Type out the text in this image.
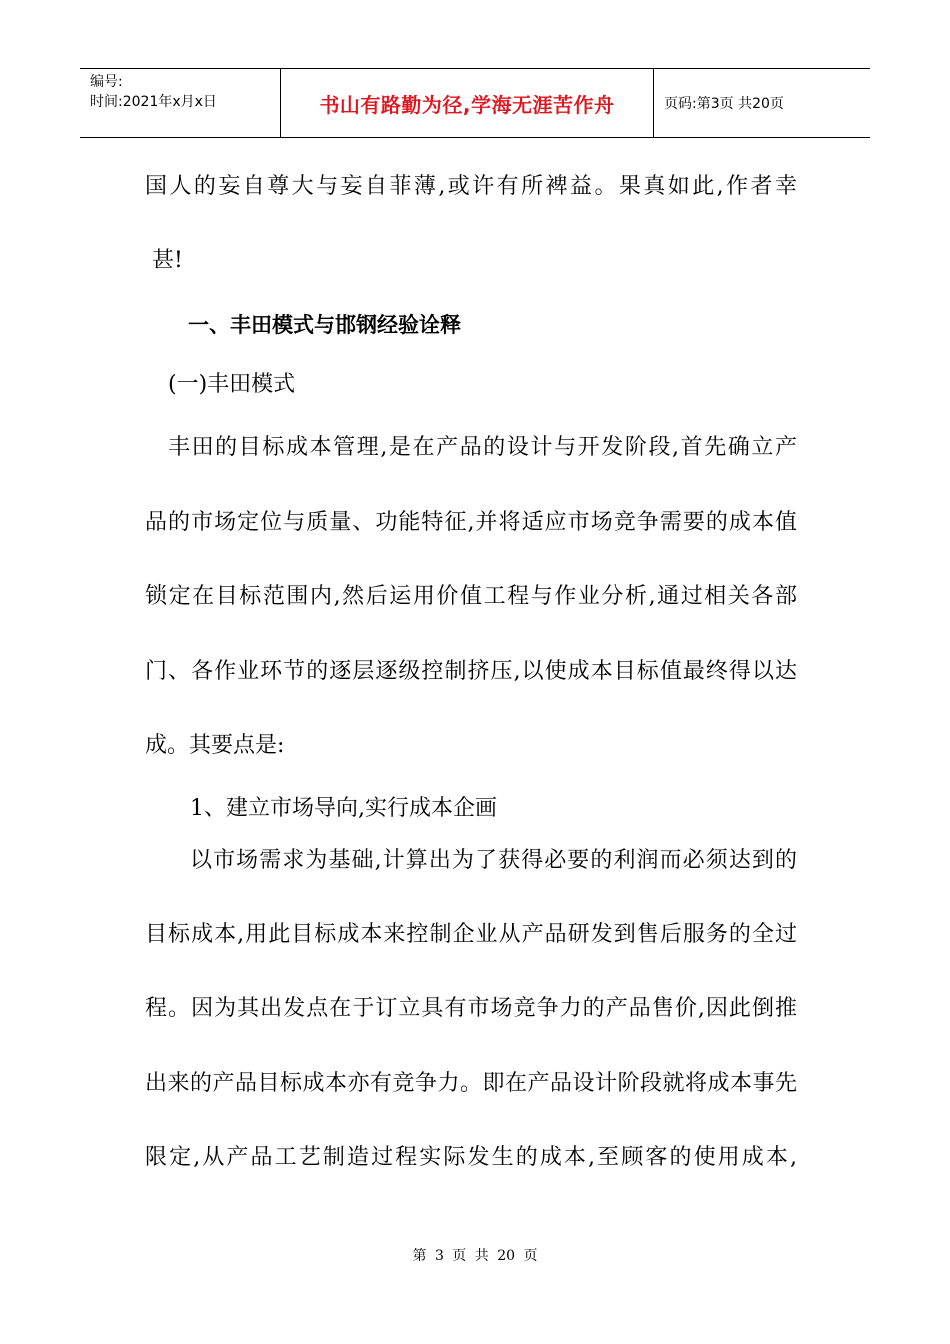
编号:
时间:2021年x月x日	书山有路勤为径,学海无涯苦作舟	页码:第3页 共20页
国人的妄自尊大与妄自菲薄,或许有所裨益。果真如此,作者幸
甚!
一、丰田模式与邯钢经验诠释
(一)丰田模式
丰田的目标成本管理,是在产品的设计与开发阶段,首先确立产
品的市场定位与质量、功能特征,并将适应市场竞争需要的成本值
锁定在目标范围内,然后运用价值工程与作业分析,通过相关各部
门、各作业环节的逐层逐级控制挤压,以使成本目标值最终得以达
成。其要点是:
1、建立市场导向,实行成本企画
以市场需求为基础,计算出为了获得必要的利润而必须达到的
目标成本,用此目标成本来控制企业从产品研发到售后服务的全过
程。因为其出发点在于订立具有市场竞争力的产品售价,因此倒推
出来的产品目标成本亦有竞争力。即在产品设计阶段就将成本事先
限定,从产品工艺制造过程实际发生的成本,至顾客的使用成本,
第 3 页 共 20 页
